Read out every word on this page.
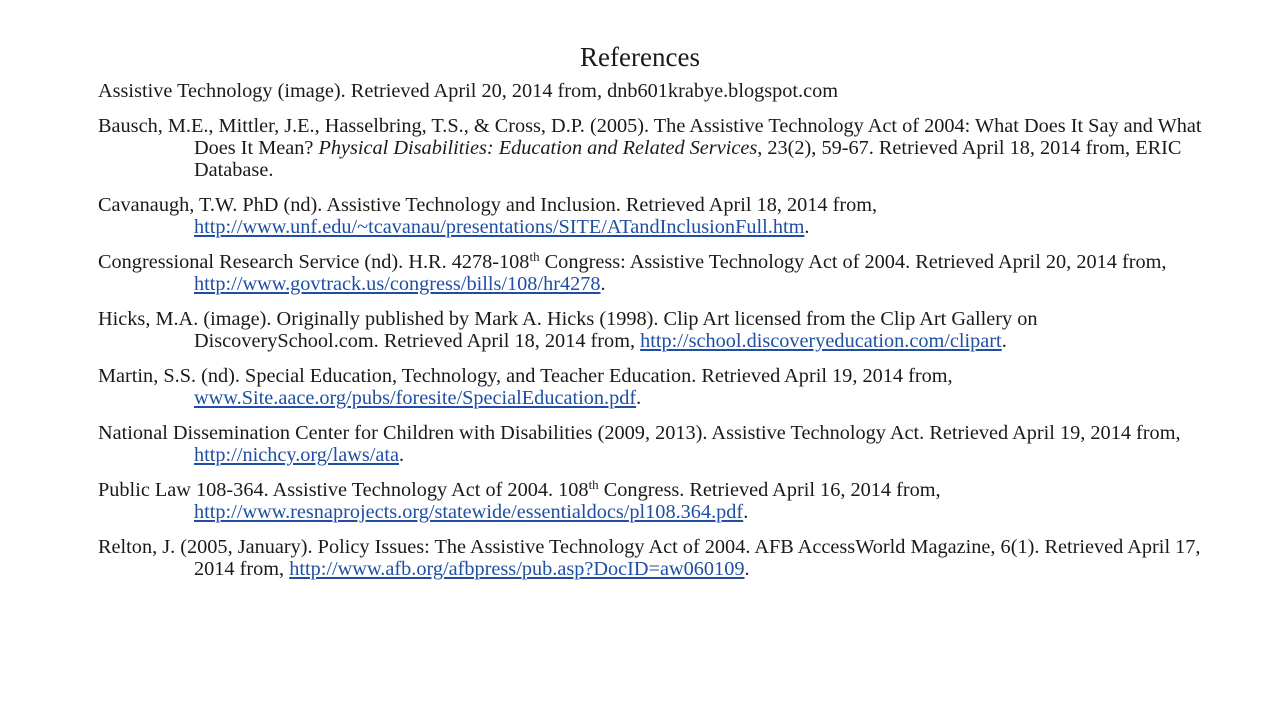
References

Assistive Technology (image). Retrieved April 20, 2014 from, dnb601krabye.blogspot.com

Bausch, M.E., Mittler, J.E., Hasselbring, T.S., & Cross, D.P. (2005). The Assistive Technology Act of 2004: What Does It Say and What Does It Mean? Physical Disabilities: Education and Related Services, 23(2), 59-67. Retrieved April 18, 2014 from, ERIC Database.

Cavanaugh, T.W. PhD (nd). Assistive Technology and Inclusion. Retrieved April 18, 2014 from, http://www.unf.edu/~tcavanau/presentations/SITE/ATandInclusionFull.htm.

Congressional Research Service (nd). H.R. 4278-108th Congress: Assistive Technology Act of 2004. Retrieved April 20, 2014 from, http://www.govtrack.us/congress/bills/108/hr4278.

Hicks, M.A. (image). Originally published by Mark A. Hicks (1998). Clip Art licensed from the Clip Art Gallery on DiscoverySchool.com. Retrieved April 18, 2014 from, http://school.discoveryeducation.com/clipart.

Martin, S.S. (nd). Special Education, Technology, and Teacher Education. Retrieved April 19, 2014 from, www.Site.aace.org/pubs/foresite/SpecialEducation.pdf.

National Dissemination Center for Children with Disabilities (2009, 2013). Assistive Technology Act. Retrieved April 19, 2014 from, http://nichcy.org/laws/ata.

Public Law 108-364. Assistive Technology Act of 2004. 108th Congress. Retrieved April 16, 2014 from, http://www.resnaprojects.org/statewide/essentialdocs/pl108.364.pdf.

Relton, J. (2005, January). Policy Issues: The Assistive Technology Act of 2004. AFB AccessWorld Magazine, 6(1). Retrieved April 17, 2014 from, http://www.afb.org/afbpress/pub.asp?DocID=aw060109.
